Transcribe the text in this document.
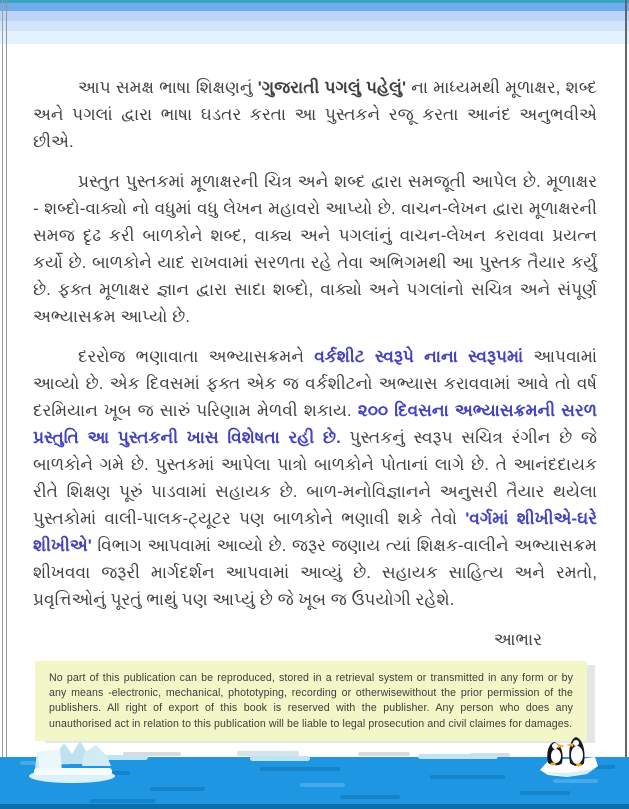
આપ સમક્ષ ભાષા શિક્ષણનું 'ગુજરાતી પગલું પહેલું' ના માધ્યમથી મૂળાક્ષર, શબ્દ અને પગલાં દ્વારા ભાષા ઘડતર કરતા આ પુસ્તકને રજૂ કરતા આનંદ અનુભવીએ છીએ.

પ્રસ્તુત પુસ્તકમાં મૂળાક્ષરની ચિત્ર અને શબ્દ દ્વારા સમજૂતી આપેલ છે. મૂળાક્ષર - શબ્દો-વાક્યો નો વધુમાં વધુ લેખન મહાવરો આપ્યો છે. વાચન-લેખન દ્વારા મૂળાક્ષરની સમજ દૃઢ કરી બાળકોને શબ્દ, વાક્ય અને પગલાંનું વાચન-લેખન કરાવવા પ્રયત્ન કર્યો છે. બાળકોને યાદ રાખવામાં સરળતા રહે તેવા અભિગમથી આ પુસ્તક તૈયાર કર્યું છે. ફક્ત મૂળાક્ષર જ્ઞાન દ્વારા સાદા શબ્દો, વાક્યો અને પગલાંનો સચિત્ર અને સંપૂર્ણ અભ્યાસક્રમ આપ્યો છે.

દરરોજ ભણાવાતા અભ્યાસક્રમને વર્કશીટ સ્વરૂપે નાના સ્વરૂપમાં આપવામાં આવ્યો છે. એક દિવસમાં ફક્ત એક જ વર્કશીટનો અભ્યાસ કરાવવામાં આવે તો વર્ષ દરમિયાન ખૂબ જ સારું પરિણામ મેળવી શકાય. ૨૦૦ દિવસના અભ્યાસક્રમની સરળ પ્રસ્તુતિ આ પુસ્તકની ખાસ વિશેષતા રહી છે. પુસ્તકનું સ્વરૂપ સચિત્ર રંગીન છે જે બાળકોને ગમે છે. પુસ્તકમાં આપેલા પાત્રો બાળકોને પોતાનાં લાગે છે. તે આનંદદાયક રીતે શિક્ષણ પૂરું પાડવામાં સહાયક છે. બાળ-મનોવિજ્ઞાનને અનુસરી તૈયાર થયેલા પુસ્તકોમાં વાલી-પાલક-ટ્યૂટર પણ બાળકોને ભણાવી શકે તેવો 'વર્ગમાં શીખીએ-ઘરે શીખીએ' વિભાગ આપવામાં આવ્યો છે. જરૂર જણાય ત્યાં શિક્ષક-વાલીને અભ્યાસક્રમ શીખવવા જરૂરી માર્ગદર્શન આપવામાં આવ્યું છે. સહાયક સાહિત્ય અને રમતો, પ્રવૃત્તિઓનું પૂરતું ભાથું પણ આપ્યું છે જે ખૂબ જ ઉપયોગી રહેશે.

આભાર
No part of this publication can be reproduced, stored in a retrieval system or transmitted in any form or by any means -electronic, mechanical, phototyping, recording or otherwisewithout the prior permission of the publishers. All right of export of this book is reserved with the publisher. Any person who does any unauthorised act in relation to this publication will be liable to legal prosecution and civil claimes for damages.
